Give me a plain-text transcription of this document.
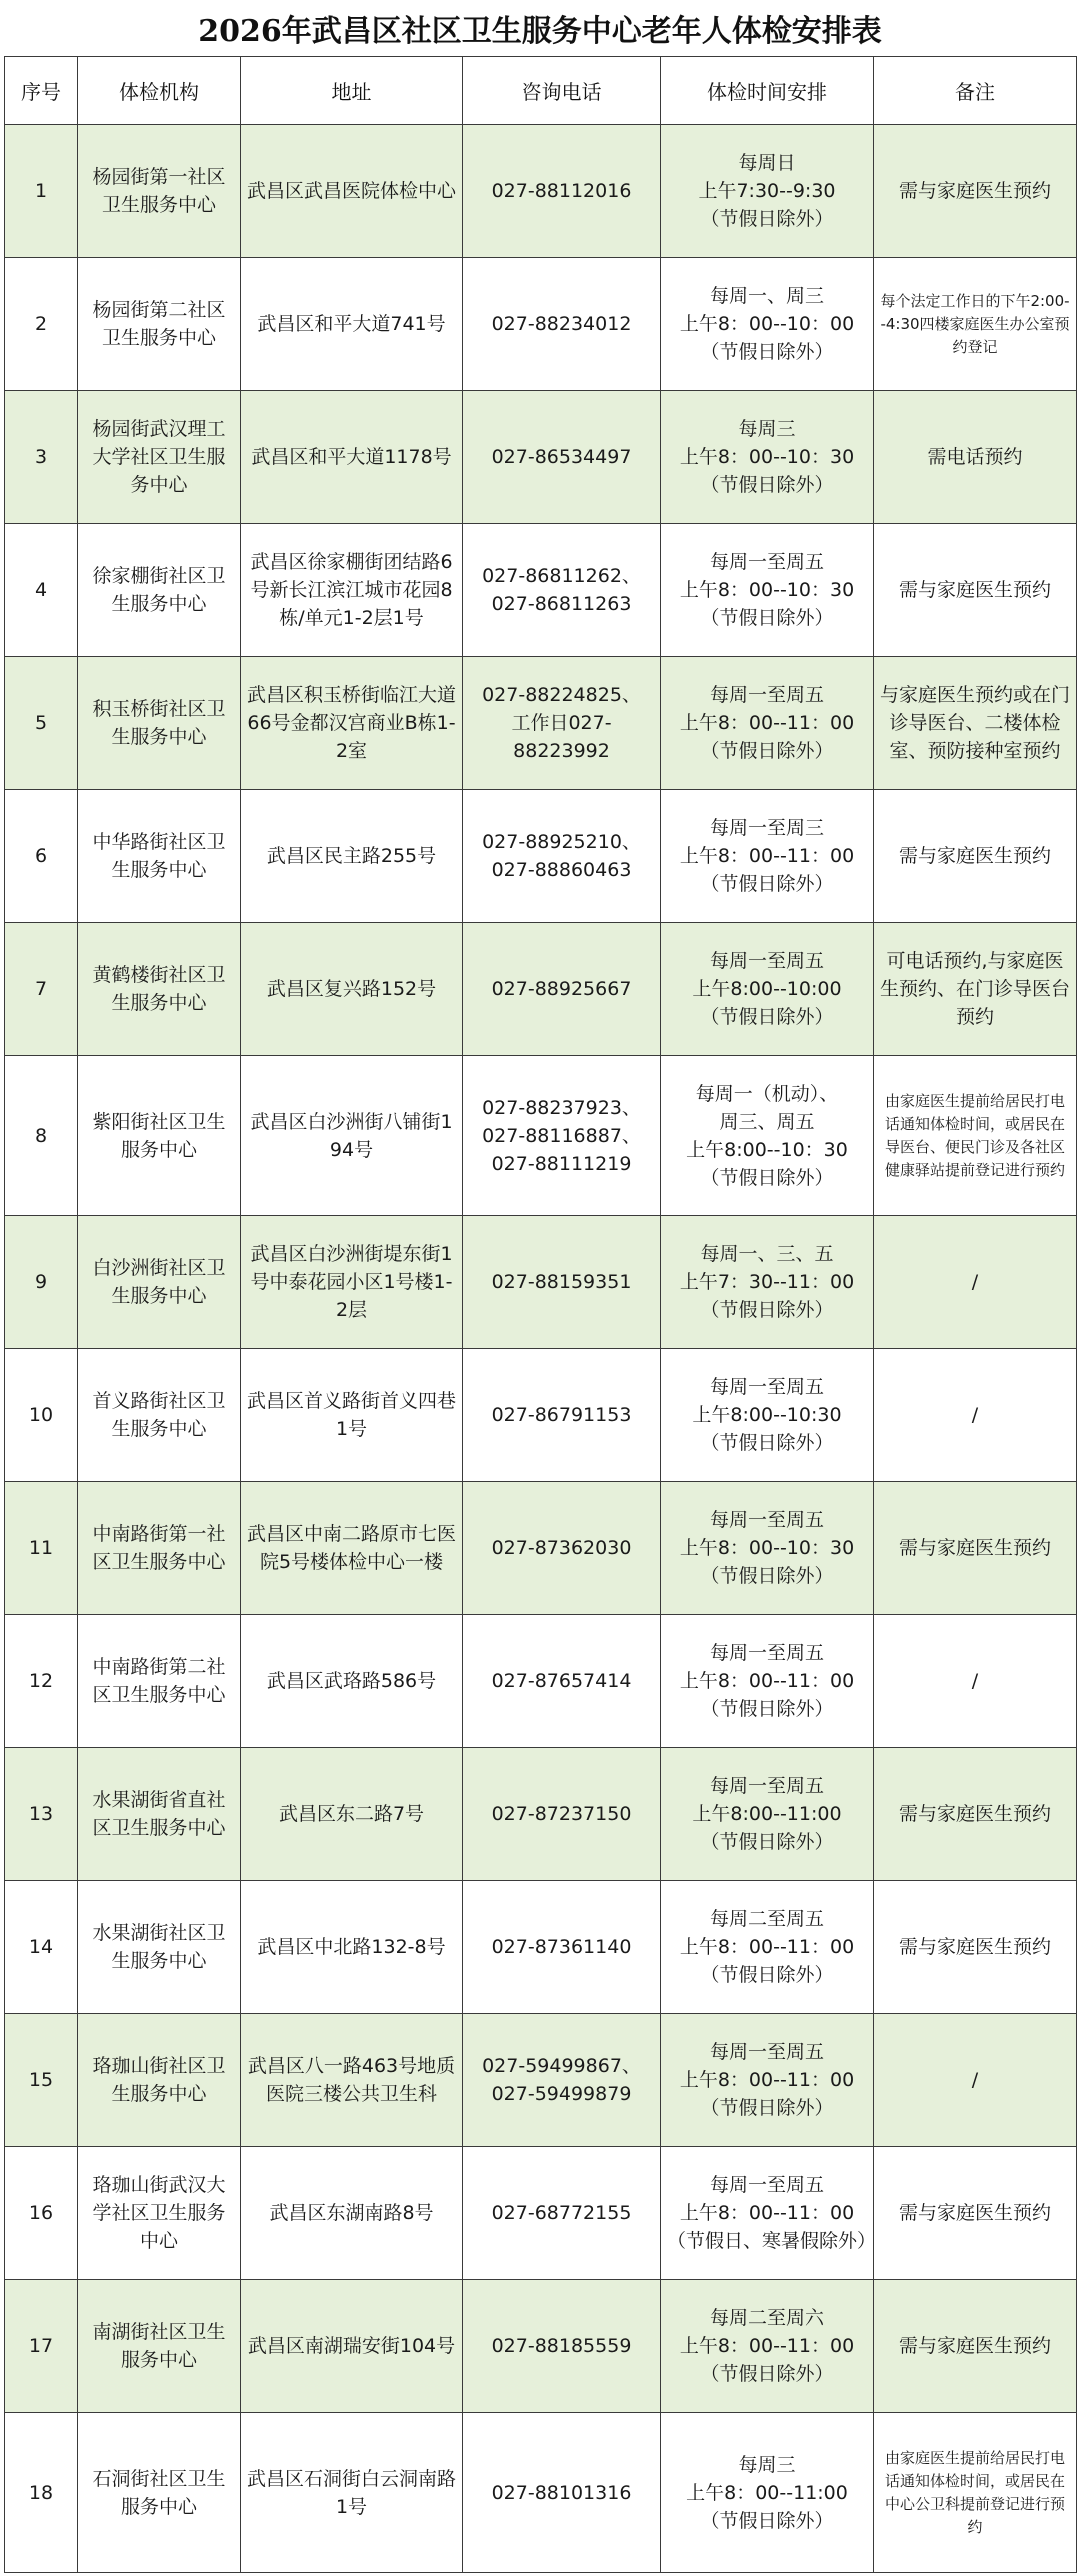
2026年武昌区社区卫生服务中心老年人体检安排表
序号	体检机构	地址	咨询电话	体检时间安排	备注
1	杨园街第一社区卫生服务中心	武昌区武昌医院体检中心	027-88112016	每周日
上午7:30--9:30
（节假日除外）	需与家庭医生预约
2	杨园街第二社区卫生服务中心	武昌区和平大道741号	027-88234012	每周一、周三
上午8：00--10：00
（节假日除外）	每个法定工作日的下午2:00--4:30四楼家庭医生办公室预约登记
3	杨园街武汉理工大学社区卫生服务中心	武昌区和平大道1178号	027-86534497	每周三
上午8：00--10：30
（节假日除外）	需电话预约
4	徐家棚街社区卫生服务中心	武昌区徐家棚街团结路6号新长江滨江城市花园8栋/单元1-2层1号	027-86811262、
027-86811263	每周一至周五
上午8：00--10：30
（节假日除外）	需与家庭医生预约
5	积玉桥街社区卫生服务中心	武昌区积玉桥街临江大道66号金都汉宫商业B栋1-2室	027-88224825、
工作日027-
88223992	每周一至周五
上午8：00--11：00
（节假日除外）	与家庭医生预约或在门诊导医台、二楼体检室、预防接种室预约
6	中华路街社区卫生服务中心	武昌区民主路255号	027-88925210、
027-88860463	每周一至周三
上午8：00--11：00
（节假日除外）	需与家庭医生预约
7	黄鹤楼街社区卫生服务中心	武昌区复兴路152号	027-88925667	每周一至周五
上午8:00--10:00
（节假日除外）	可电话预约,与家庭医生预约、在门诊导医台预约
8	紫阳街社区卫生服务中心	武昌区白沙洲街八铺街194号	027-88237923、
027-88116887、
027-88111219	每周一（机动）、
周三、周五
上午8:00--10：30
（节假日除外）	由家庭医生提前给居民打电话通知体检时间，或居民在导医台、便民门诊及各社区健康驿站提前登记进行预约
9	白沙洲街社区卫生服务中心	武昌区白沙洲街堤东街1号中泰花园小区1号楼1-2层	027-88159351	每周一、三、五
上午7：30--11：00
（节假日除外）	/
10	首义路街社区卫生服务中心	武昌区首义路街首义四巷1号	027-86791153	每周一至周五
上午8:00--10:30
（节假日除外）	/
11	中南路街第一社区卫生服务中心	武昌区中南二路原市七医院5号楼体检中心一楼	027-87362030	每周一至周五
上午8：00--10：30
（节假日除外）	需与家庭医生预约
12	中南路街第二社区卫生服务中心	武昌区武珞路586号	027-87657414	每周一至周五
上午8：00--11：00
（节假日除外）	/
13	水果湖街省直社区卫生服务中心	武昌区东二路7号	027-87237150	每周一至周五
上午8:00--11:00
（节假日除外）	需与家庭医生预约
14	水果湖街社区卫生服务中心	武昌区中北路132-8号	027-87361140	每周二至周五
上午8：00--11：00
（节假日除外）	需与家庭医生预约
15	珞珈山街社区卫生服务中心	武昌区八一路463号地质医院三楼公共卫生科	027-59499867、
027-59499879	每周一至周五
上午8：00--11：00
（节假日除外）	/
16	珞珈山街武汉大学社区卫生服务中心	武昌区东湖南路8号	027-68772155	每周一至周五
上午8：00--11：00
（节假日、寒暑假除外）	需与家庭医生预约
17	南湖街社区卫生服务中心	武昌区南湖瑞安街104号	027-88185559	每周二至周六
上午8：00--11：00
（节假日除外）	需与家庭医生预约
18	石洞街社区卫生服务中心	武昌区石洞街白云洞南路1号	027-88101316	每周三
上午8：00--11:00
（节假日除外）	由家庭医生提前给居民打电话通知体检时间，或居民在中心公卫科提前登记进行预约
